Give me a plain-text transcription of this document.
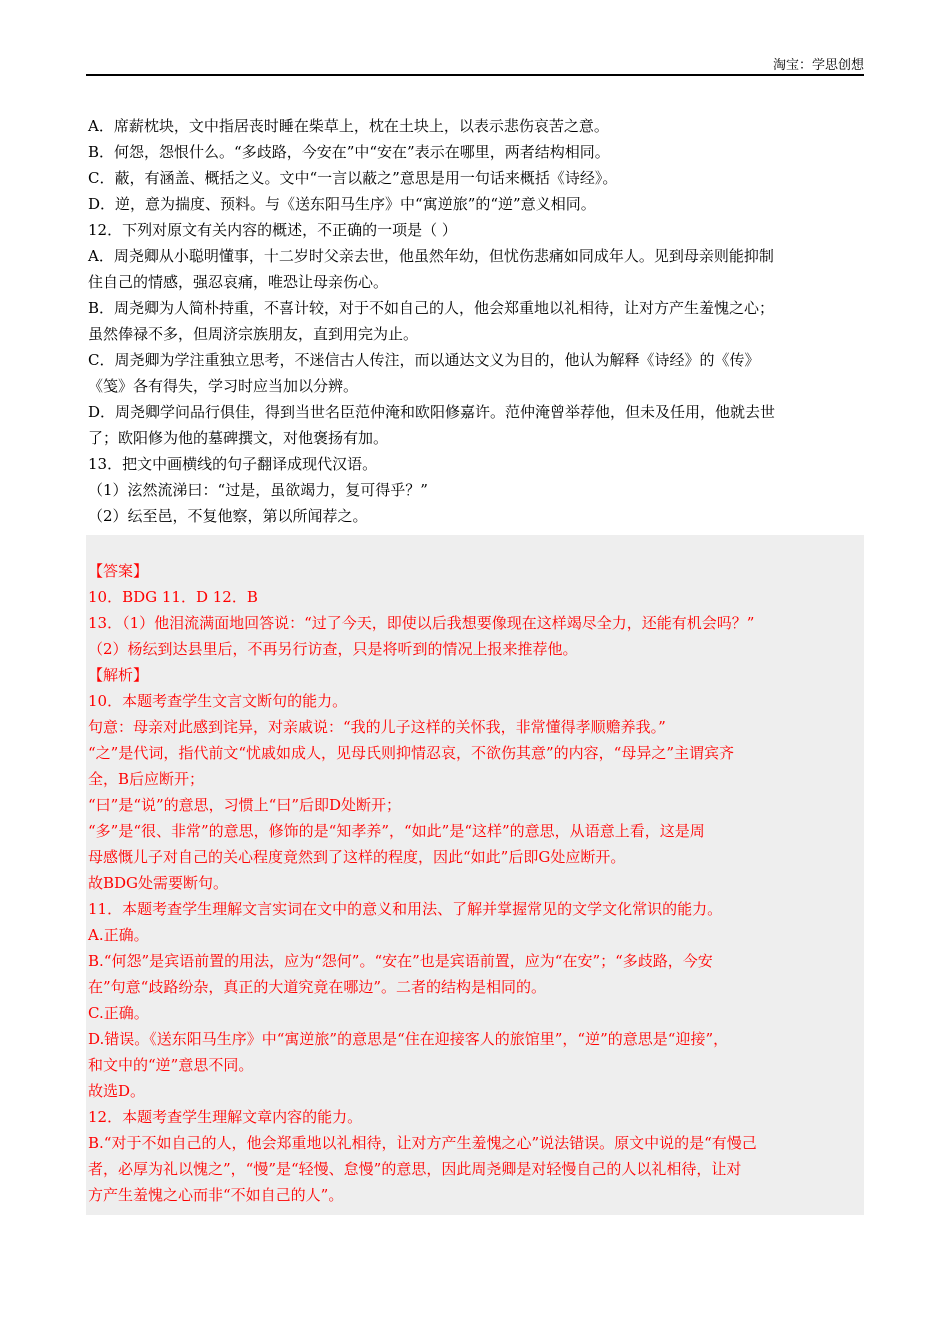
淘宝：学思创想
A．席薪枕块，文中指居丧时睡在柴草上，枕在土块上，以表示悲伤哀苦之意。
B．何怨，怨恨什么。“多歧路，今安在”中“安在”表示在哪里，两者结构相同。
C．蔽，有涵盖、概括之义。文中“一言以蔽之”意思是用一句话来概括《诗经》。
D．逆，意为揣度、预料。与《送东阳马生序》中“寓逆旅”的“逆”意义相同。
12．下列对原文有关内容的概述，不正确的一项是（ ）
A．周尧卿从小聪明懂事，十二岁时父亲去世，他虽然年幼，但忧伤悲痛如同成年人。见到母亲则能抑制
住自己的情感，强忍哀痛，唯恐让母亲伤心。
B．周尧卿为人简朴持重，不喜计较，对于不如自己的人，他会郑重地以礼相待，让对方产生羞愧之心；
虽然俸禄不多，但周济宗族朋友，直到用完为止。
C．周尧卿为学注重独立思考，不迷信古人传注，而以通达文义为目的，他认为解释《诗经》的《传》
《笺》各有得失，学习时应当加以分辨。
D．周尧卿学问品行俱佳，得到当世名臣范仲淹和欧阳修嘉许。范仲淹曾举荐他，但未及任用，他就去世
了；欧阳修为他的墓碑撰文，对他褒扬有加。
13．把文中画横线的句子翻译成现代汉语。
（1）泫然流涕曰：“过是，虽欲竭力，复可得乎？”
（2）纭至邑，不复他察，第以所闻荐之。
【答案】
10．BDG 11．D 12．B
13．（1）他泪流满面地回答说：“过了今天，即使以后我想要像现在这样竭尽全力，还能有机会吗？”
（2）杨纭到达县里后，不再另行访查，只是将听到的情况上报来推荐他。
【解析】
10．本题考查学生文言文断句的能力。
句意：母亲对此感到诧异，对亲戚说：“我的儿子这样的关怀我，非常懂得孝顺赡养我。”
“之”是代词，指代前文“忧戚如成人，见母氏则抑情忍哀，不欲伤其意”的内容，“母异之”主谓宾齐
全，B后应断开；
“曰”是“说”的意思，习惯上“曰”后即D处断开；
“多”是“很、非常”的意思，修饰的是“知孝养”，“如此”是“这样”的意思，从语意上看，这是周
母感慨儿子对自己的关心程度竟然到了这样的程度，因此“如此”后即G处应断开。
故BDG处需要断句。
11．本题考查学生理解文言实词在文中的意义和用法、了解并掌握常见的文学文化常识的能力。
A.正确。
B.“何怨”是宾语前置的用法，应为“怨何”。“安在”也是宾语前置，应为“在安”；“多歧路，今安
在”句意“歧路纷杂，真正的大道究竟在哪边”。二者的结构是相同的。
C.正确。
D.错误。《送东阳马生序》中“寓逆旅”的意思是“住在迎接客人的旅馆里”，“逆”的意思是“迎接”，
和文中的“逆”意思不同。
故选D。
12．本题考查学生理解文章内容的能力。
B.“对于不如自己的人，他会郑重地以礼相待，让对方产生羞愧之心”说法错误。原文中说的是“有慢己
者，必厚为礼以愧之”，“慢”是“轻慢、怠慢”的意思，因此周尧卿是对轻慢自己的人以礼相待，让对
方产生羞愧之心而非“不如自己的人”。
